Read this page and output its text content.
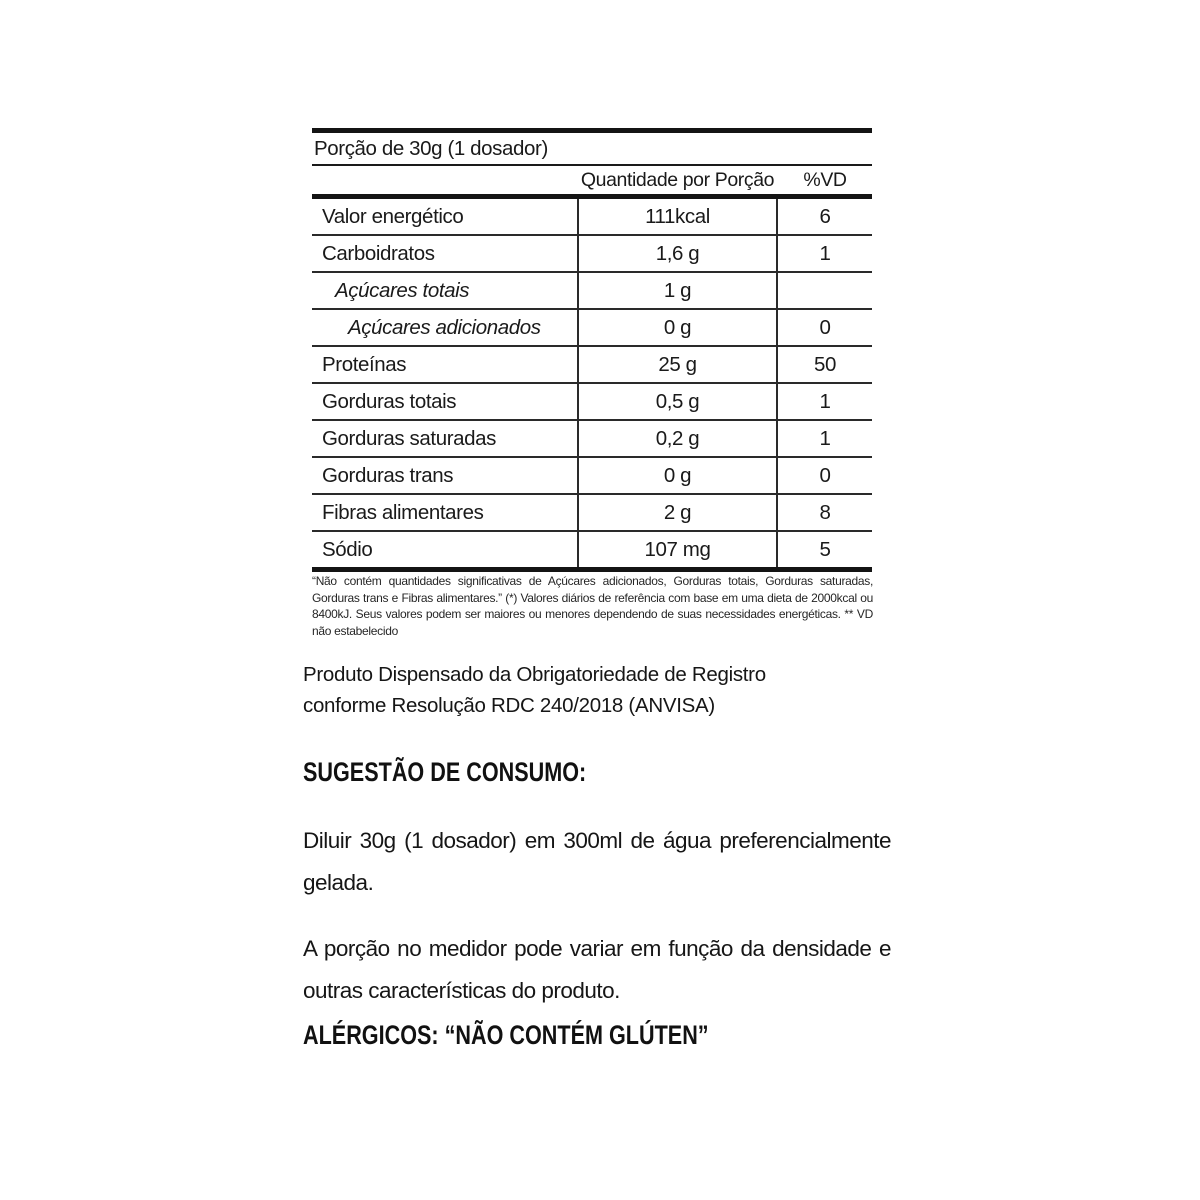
Porção de 30g (1 dosador)
Quantidade por Porção	%VD
Valor energético	111kcal	6
Carboidratos	1,6 g	1
Açúcares totais	1 g
Açúcares adicionados	0 g	0
Proteínas	25 g	50
Gorduras totais	0,5 g	1
Gorduras saturadas	0,2 g	1
Gorduras trans	0 g	0
Fibras alimentares	2 g	8
Sódio	107 mg	5

“Não contém quantidades significativas de Açúcares adicionados, Gorduras totais, Gorduras saturadas, Gorduras trans e Fibras alimentares.” (*) Valores diários de referência com base em uma dieta de 2000kcal ou 8400kJ. Seus valores podem ser maiores ou menores dependendo de suas necessidades energéticas. ** VD não estabelecido

Produto Dispensado da Obrigatoriedade de Registro conforme Resolução RDC 240/2018 (ANVISA)

SUGESTÃO DE CONSUMO:

Diluir 30g (1 dosador) em 300ml de água preferencialmente gelada.

A porção no medidor pode variar em função da densidade e outras características do produto.

ALÉRGICOS: “NÃO CONTÉM GLÚTEN”
